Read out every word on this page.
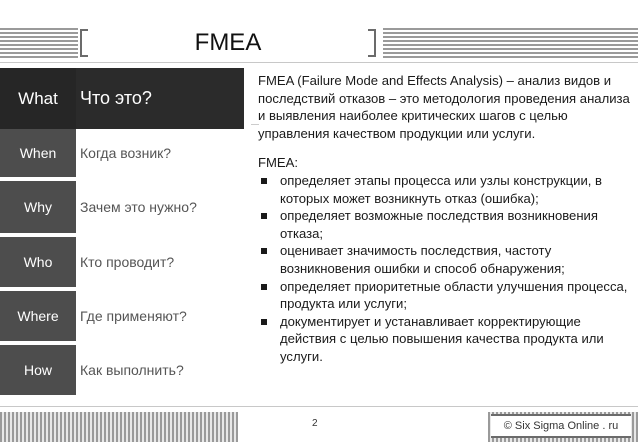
FMEA
What	Что это?
When	Когда возник?
Why	Зачем это нужно?
Who	Кто проводит?
Where	Где применяют?
How	Как выполнить?

FMEA (Failure Mode and Effects Analysis) – анализ видов и последствий отказов – это методология проведения анализа и выявления наиболее критических шагов с целью управления качеством продукции или услуги.

FMEA:

определяет этапы процесса или узлы конструкции, в которых может возникнуть отказ (ошибка);
определяет возможные последствия возникновения отказа;
оценивает значимость последствия, частоту возникновения ошибки и способ обнаружения;
определяет приоритетные области улучшения процесса, продукта или услуги;
документирует и устанавливает корректирующие действия с целью повышения качества продукта или услуги.
2	© Six Sigma Online . ru
